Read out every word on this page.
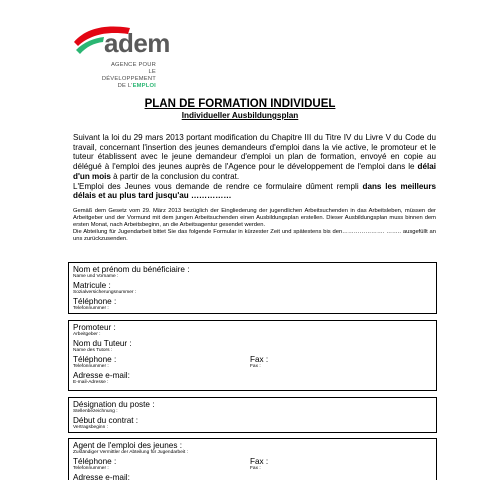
adem
AGENCE POUR
LE DÉVELOPPEMENT
DE L'EMPLOI
PLAN DE FORMATION INDIVIDUEL
Individueller Ausbildungsplan
Suivant la loi du 29 mars 2013 portant modification du Chapitre III du Titre IV du Livre V du Code du travail, concernant l'insertion des jeunes demandeurs d'emploi dans la vie active, le promoteur et le tuteur établissent avec le jeune demandeur d'emploi un plan de formation, envoyé en copie au délégué à l'emploi des jeunes auprès de l'Agence pour le développement de l'emploi dans le délai d'un mois à partir de la conclusion du contrat.
L'Emploi des Jeunes vous demande de rendre ce formulaire dûment rempli dans les meilleurs délais et au plus tard jusqu'au ……………
Gemäß dem Gesetz vom 29. März 2013 bezüglich der Eingliederung der jugendlichen Arbeitsuchenden in das Arbeitsleben, müssen der Arbeitgeber und der Vormund mit dem jungen Arbeitsuchenden einen Ausbildungsplan erstellen. Dieser Ausbildungsplan muss binnen dem ersten Monat, nach Arbeitsbeginn, an die Arbeitsagentur gesendet werden.
Die Abteilung für Jugendarbeit bittet Sie das folgende Formular in kürzester Zeit und spätestens bis den…………………. …….. ausgefüllt an uns zurückzusenden.
Nom et prénom du bénéficiaire :
Name und Vorname :
Matricule :
Sozialversicherungsnummer :
Téléphone :
Telefonnummer :
Promoteur :
Arbeitgeber :
Nom du Tuteur :
Name des Tutors :
Téléphone :
Telefonnummer :
Fax :
Fax :
Adresse e-mail:
E-mail-Adresse :
Désignation du poste :
Stellenbezeichnung :
Début du contrat :
Vertragsbeginn :
Agent de l'emploi des jeunes :
Zuständiger Vermittler der Abteilung für Jugendarbeit :
Téléphone :
Telefonnummer :
Fax :
Fax :
Adresse e-mail:
